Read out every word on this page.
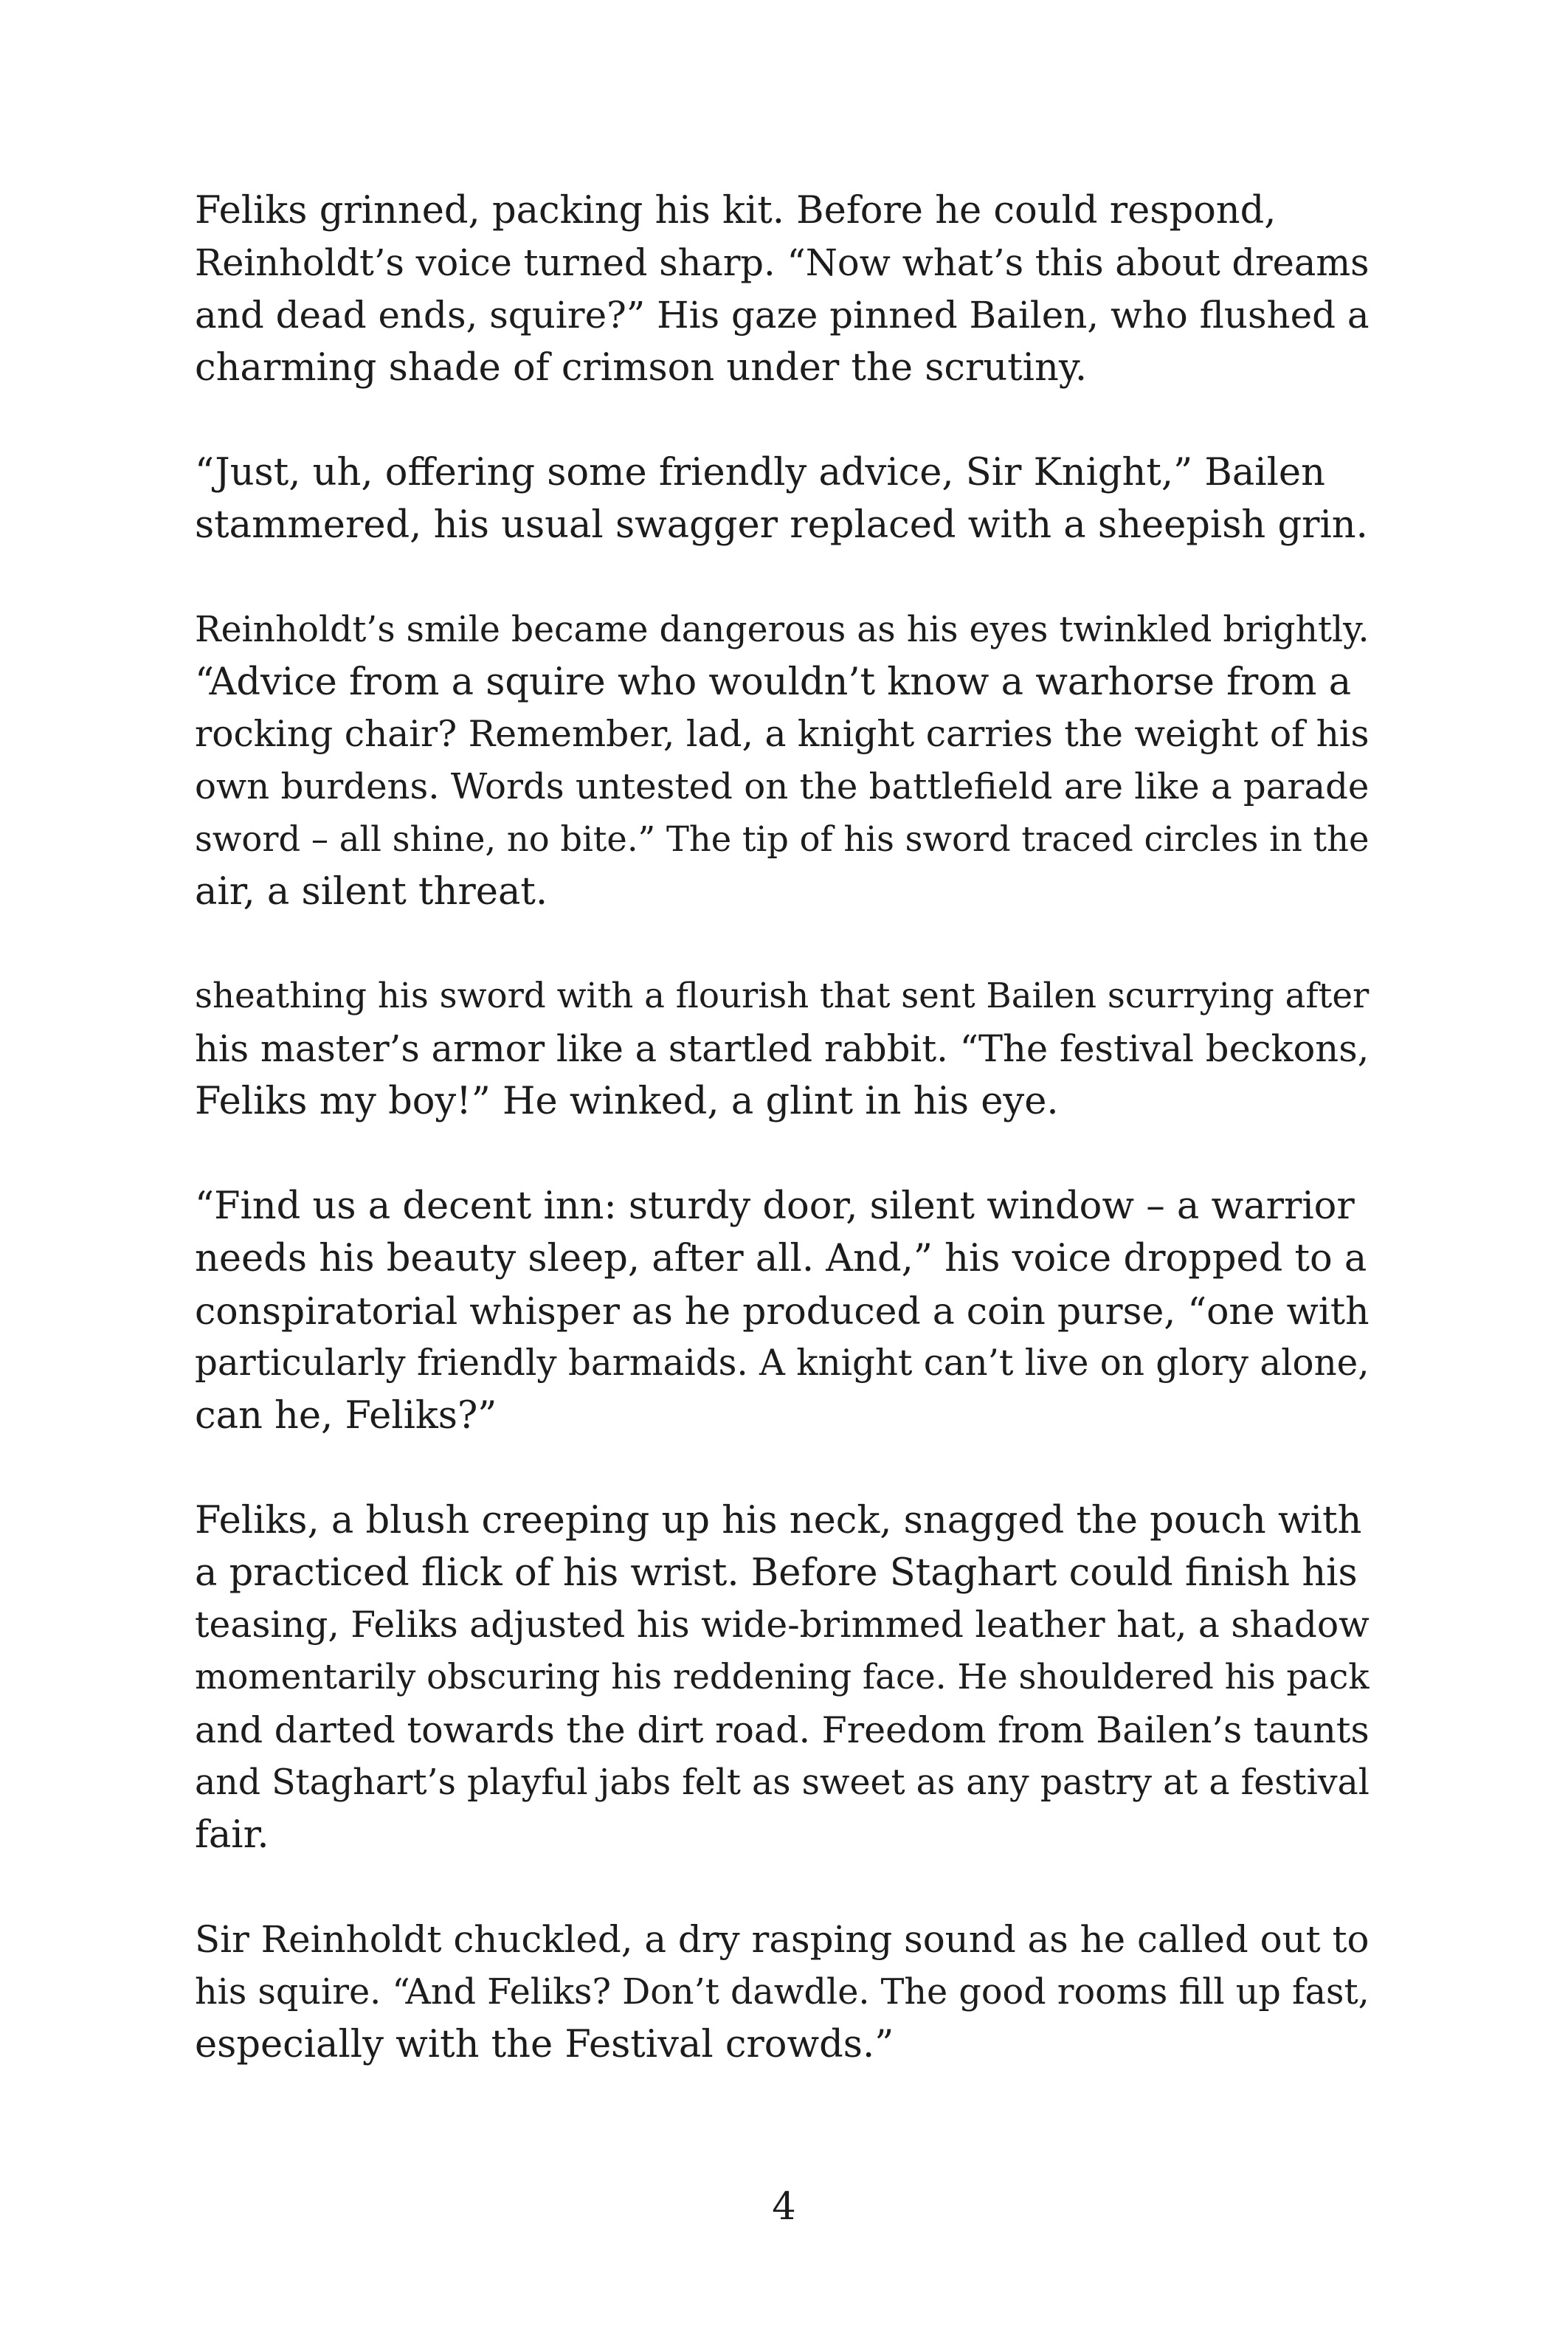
Feliks grinned, packing his kit. Before he could respond,
Reinholdt’s voice turned sharp. “Now what’s this about dreams
and dead ends, squire?” His gaze pinned Bailen, who flushed a
charming shade of crimson under the scrutiny.

“Just, uh, offering some friendly advice, Sir Knight,” Bailen
stammered, his usual swagger replaced with a sheepish grin.

Reinholdt’s smile became dangerous as his eyes twinkled brightly.
“Advice from a squire who wouldn’t know a warhorse from a
rocking chair? Remember, lad, a knight carries the weight of his
own burdens. Words untested on the battlefield are like a parade
sword – all shine, no bite.” The tip of his sword traced circles in the
air, a silent threat.

sheathing his sword with a flourish that sent Bailen scurrying after
his master’s armor like a startled rabbit. “The festival beckons,
Feliks my boy!” He winked, a glint in his eye.

“Find us a decent inn: sturdy door, silent window – a warrior
needs his beauty sleep, after all. And,” his voice dropped to a
conspiratorial whisper as he produced a coin purse, “one with
particularly friendly barmaids. A knight can’t live on glory alone,
can he, Feliks?”

Feliks, a blush creeping up his neck, snagged the pouch with
a practiced flick of his wrist. Before Staghart could finish his
teasing, Feliks adjusted his wide-brimmed leather hat, a shadow
momentarily obscuring his reddening face. He shouldered his pack
and darted towards the dirt road. Freedom from Bailen’s taunts
and Staghart’s playful jabs felt as sweet as any pastry at a festival
fair.

Sir Reinholdt chuckled, a dry rasping sound as he called out to
his squire. “And Feliks? Don’t dawdle. The good rooms fill up fast,
especially with the Festival crowds.”

4
